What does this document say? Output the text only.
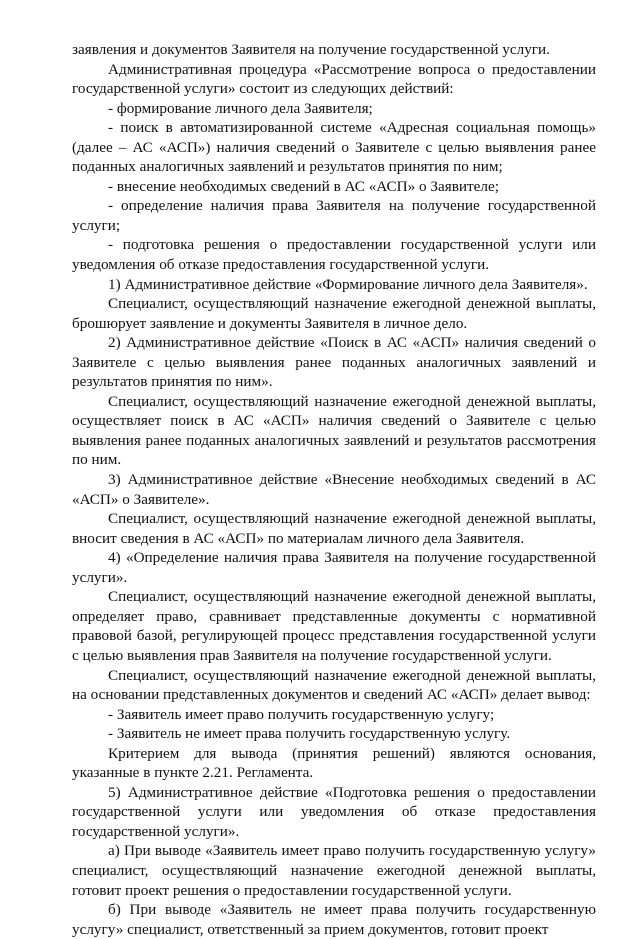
заявления и документов Заявителя на получение государственной услуги.

Административная процедура «Рассмотрение вопроса о предоставлении государственной услуги» состоит из следующих действий:

- формирование личного дела Заявителя;

- поиск в автоматизированной системе «Адресная социальная помощь» (далее – АС «АСП») наличия сведений о Заявителе с целью выявления ранее поданных аналогичных заявлений и результатов принятия по ним;

- внесение необходимых сведений в АС «АСП» о Заявителе;

- определение наличия права Заявителя на получение государственной услуги;

- подготовка решения о предоставлении государственной услуги или уведомления об отказе предоставления государственной услуги.

1) Административное действие «Формирование личного дела Заявителя».

Специалист, осуществляющий назначение ежегодной денежной выплаты, брошюрует заявление и документы Заявителя в личное дело.

2) Административное действие «Поиск в АС «АСП» наличия сведений о Заявителе с целью выявления ранее поданных аналогичных заявлений и результатов принятия по ним».

Специалист, осуществляющий назначение ежегодной денежной выплаты, осуществляет поиск в АС «АСП» наличия сведений о Заявителе с целью выявления ранее поданных аналогичных заявлений и результатов рассмотрения по ним.

3) Административное действие «Внесение необходимых сведений в АС «АСП» о Заявителе».

Специалист, осуществляющий назначение ежегодной денежной выплаты, вносит сведения в АС «АСП» по материалам личного дела Заявителя.

4) «Определение наличия права Заявителя на получение государственной услуги».

Специалист, осуществляющий назначение ежегодной денежной выплаты, определяет право, сравнивает представленные документы с нормативной правовой базой, регулирующей процесс представления государственной услуги с целью выявления прав Заявителя на получение государственной услуги.

Специалист, осуществляющий назначение ежегодной денежной выплаты, на основании представленных документов и сведений АС «АСП» делает вывод:

- Заявитель имеет право получить государственную услугу;

- Заявитель не имеет права получить государственную услугу.

Критерием для вывода (принятия решений) являются основания, указанные в пункте 2.21. Регламента.

5) Административное действие «Подготовка решения о предоставлении государственной услуги или уведомления об отказе предоставления государственной услуги».

а) При выводе «Заявитель имеет право получить государственную услугу» специалист, осуществляющий назначение ежегодной денежной выплаты, готовит проект решения о предоставлении государственной услуги.

б) При выводе «Заявитель не имеет права получить государственную услугу» специалист, ответственный за прием документов, готовит проект
